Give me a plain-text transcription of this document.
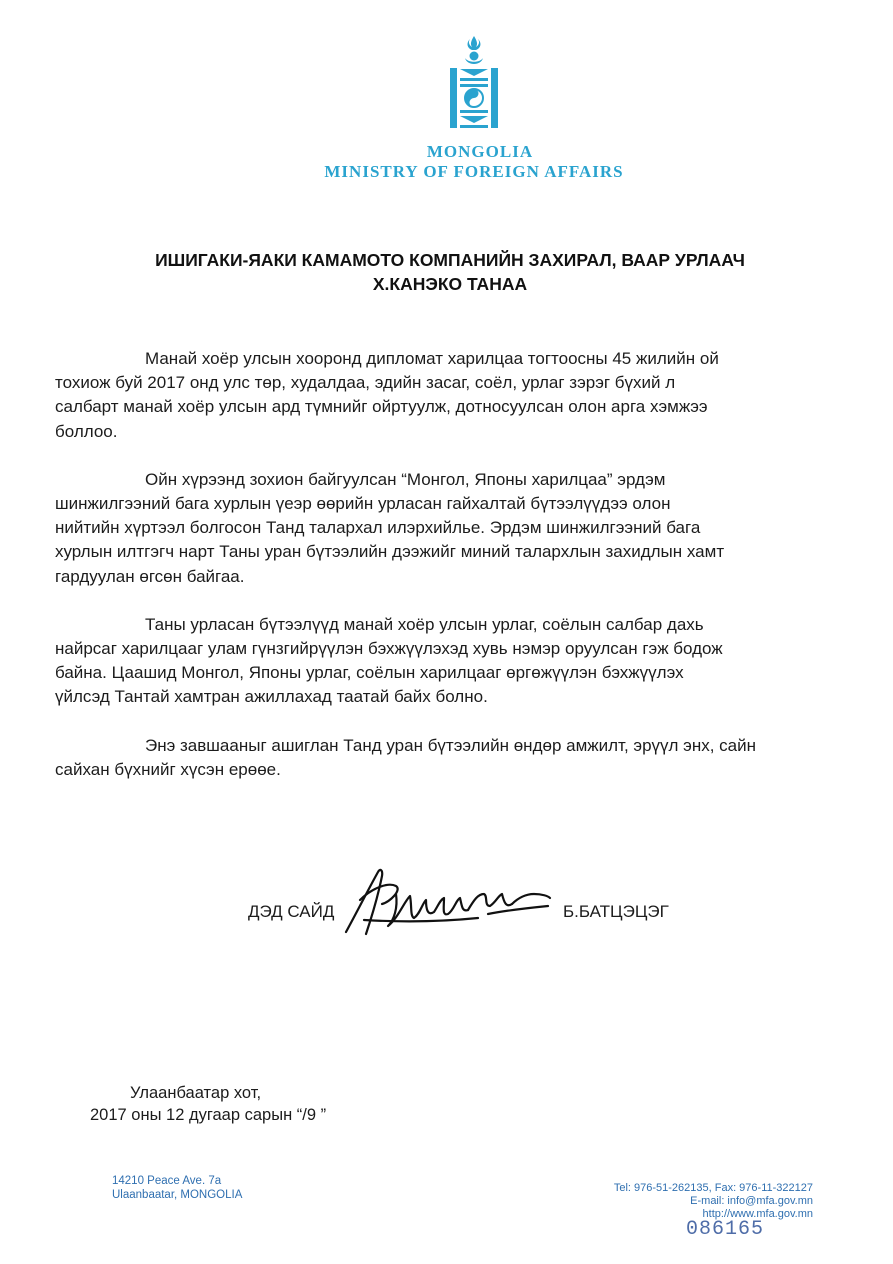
MONGOLIA
MINISTRY OF FOREIGN AFFAIRS
ИШИГАКИ-ЯАКИ КАМАМОТО КОМПАНИЙН ЗАХИРАЛ, ВААР УРЛААЧ
Х.КАНЭКО ТАНАА
Манай хоёр улсын хооронд дипломат харилцаа тогтоосны 45 жилийн ой
тохиож буй 2017 онд улс төр, худалдаа, эдийн засаг, соёл, урлаг зэрэг бүхий л
салбарт манай хоёр улсын ард түмнийг ойртуулж, дотносуулсан олон арга хэмжээ
боллоо.
Ойн хүрээнд зохион байгуулсан “Монгол, Японы харилцаа” эрдэм
шинжилгээний бага хурлын үеэр өөрийн урласан гайхалтай бүтээлүүдээ олон
нийтийн хүртээл болгосон Танд талархал илэрхийлье. Эрдэм шинжилгээний бага
хурлын илтгэгч нарт Таны уран бүтээлийн дээжийг миний талархлын захидлын хамт
гардуулан өгсөн байгаа.
Таны урласан бүтээлүүд манай хоёр улсын урлаг, соёлын салбар дахь
найрсаг харилцааг улам гүнзгийрүүлэн бэхжүүлэхэд хувь нэмэр оруулсан гэж бодож
байна. Цаашид Монгол, Японы урлаг, соёлын харилцааг өргөжүүлэн бэхжүүлэх
үйлсэд Тантай хамтран ажиллахад таатай байх болно.
Энэ завшааныг ашиглан Танд уран бүтээлийн өндөр амжилт, эрүүл энх, сайн
сайхан бүхнийг хүсэн ерөөе.
ДЭД САЙД	Б.БАТЦЭЦЭГ
Улаанбаатар хот,
2017 оны 12 дугаар сарын “/9 ”
14210 Peace Ave. 7a
Ulaanbaatar, MONGOLIA
Tel: 976-51-262135, Fax: 976-11-322127
E-mail: info@mfa.gov.mn
http://www.mfa.gov.mn
086165
